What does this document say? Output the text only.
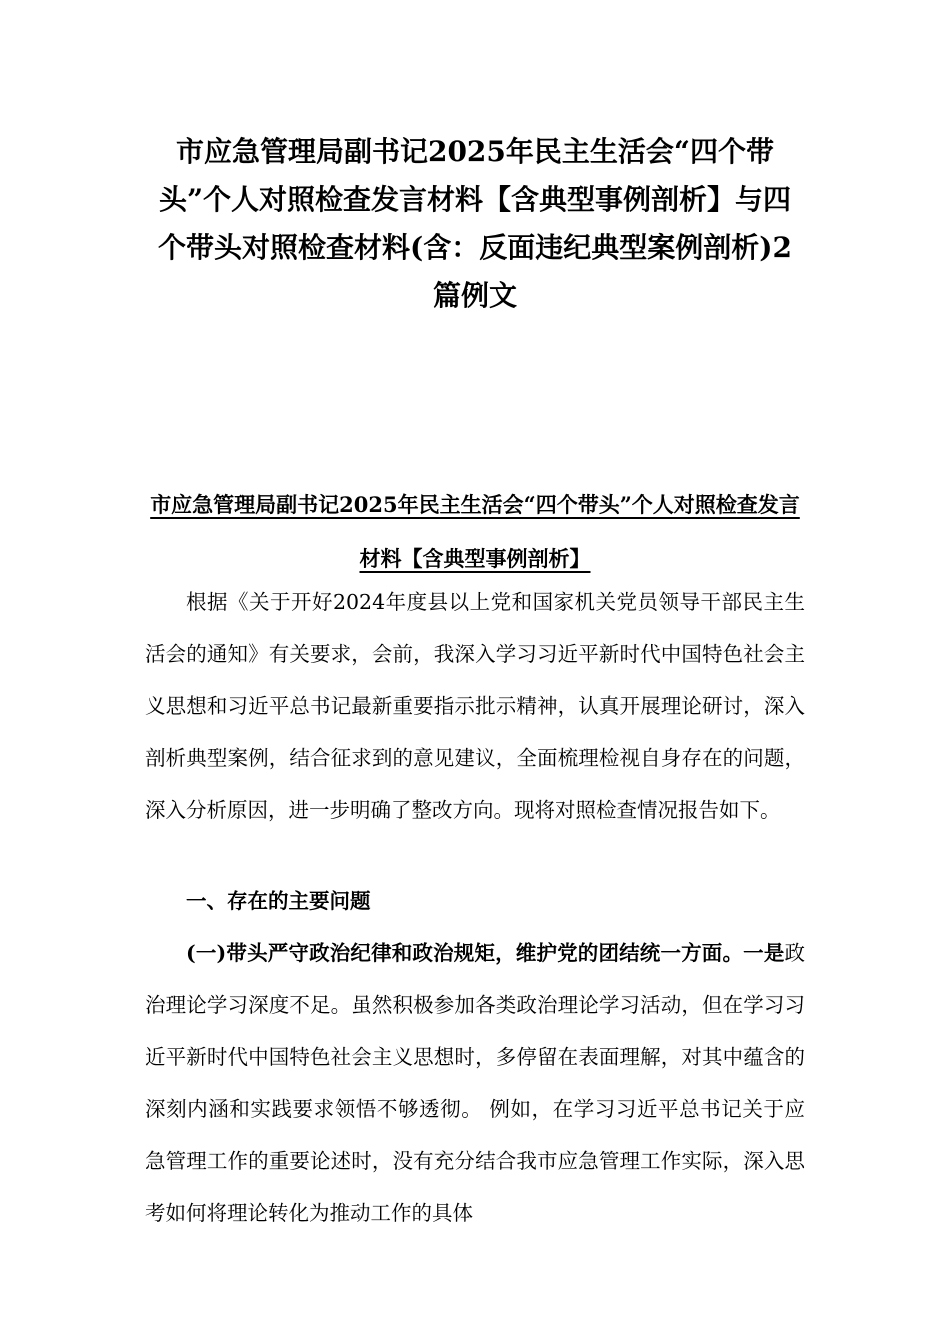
市应急管理局副书记2025年民主生活会“四个带头”个人对照检查发言材料【含典型事例剖析】与四个带头对照检查材料(含：反面违纪典型案例剖析)2篇例文
市应急管理局副书记2025年民主生活会“四个带头”个人对照检查发言材料【含典型事例剖析】

根据《关于开好2024年度县以上党和国家机关党员领导干部民主生活会的通知》有关要求，会前，我深入学习习近平新时代中国特色社会主义思想和习近平总书记最新重要指示批示精神，认真开展理论研讨，深入剖析典型案例，结合征求到的意见建议，全面梳理检视自身存在的问题，深入分析原因，进一步明确了整改方向。现将对照检查情况报告如下。

一、存在的主要问题

(一)带头严守政治纪律和政治规矩，维护党的团结统一方面。一是政治理论学习深度不足。虽然积极参加各类政治理论学习活动，但在学习习近平新时代中国特色社会主义思想时，多停留在表面理解，对其中蕴含的深刻内涵和实践要求领悟不够透彻。 例如，在学习习近平总书记关于应急管理工作的重要论述时，没有充分结合我市应急管理工作实际，深入思考如何将理论转化为推动工作的具体
